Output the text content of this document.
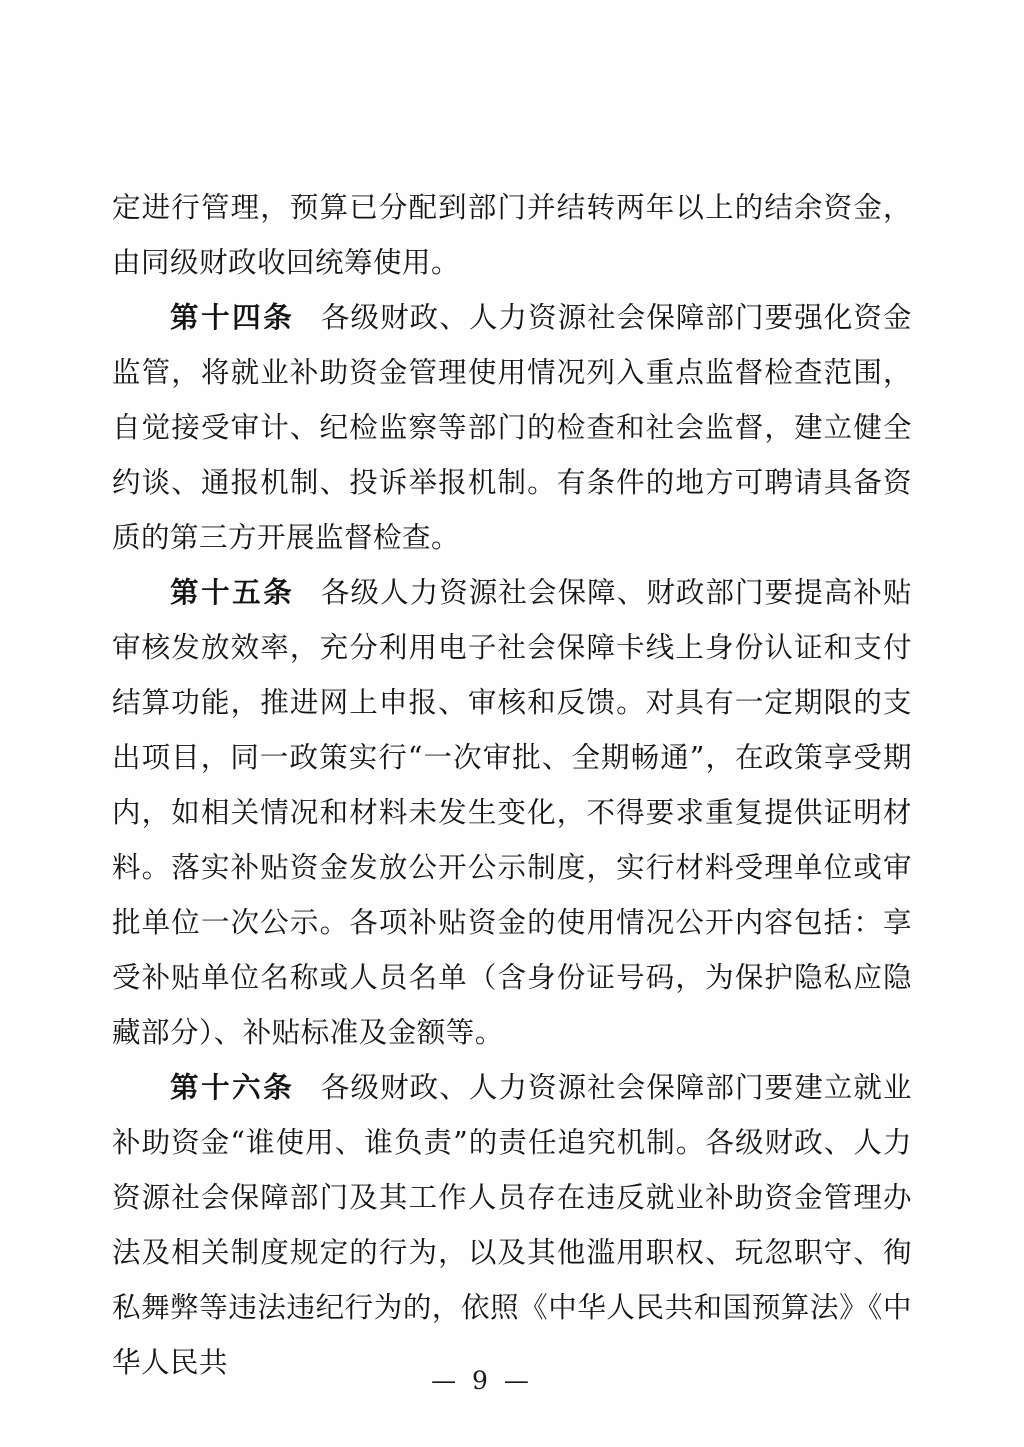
定进行管理，预算已分配到部门并结转两年以上的结余资金，由同级财政收回统筹使用。

第十四条 各级财政、人力资源社会保障部门要强化资金监管，将就业补助资金管理使用情况列入重点监督检查范围，自觉接受审计、纪检监察等部门的检查和社会监督，建立健全约谈、通报机制、投诉举报机制。有条件的地方可聘请具备资质的第三方开展监督检查。

第十五条 各级人力资源社会保障、财政部门要提高补贴审核发放效率，充分利用电子社会保障卡线上身份认证和支付结算功能，推进网上申报、审核和反馈。对具有一定期限的支出项目，同一政策实行“一次审批、全期畅通”，在政策享受期内，如相关情况和材料未发生变化，不得要求重复提供证明材料。落实补贴资金发放公开公示制度，实行材料受理单位或审批单位一次公示。各项补贴资金的使用情况公开内容包括：享受补贴单位名称或人员名单（含身份证号码，为保护隐私应隐藏部分）、补贴标准及金额等。

第十六条 各级财政、人力资源社会保障部门要建立就业补助资金“谁使用、谁负责”的责任追究机制。各级财政、人力资源社会保障部门及其工作人员存在违反就业补助资金管理办法及相关制度规定的行为，以及其他滥用职权、玩忽职守、徇私舞弊等违法违纪行为的，依照《中华人民共和国预算法》《中华人民共

— 9 —
